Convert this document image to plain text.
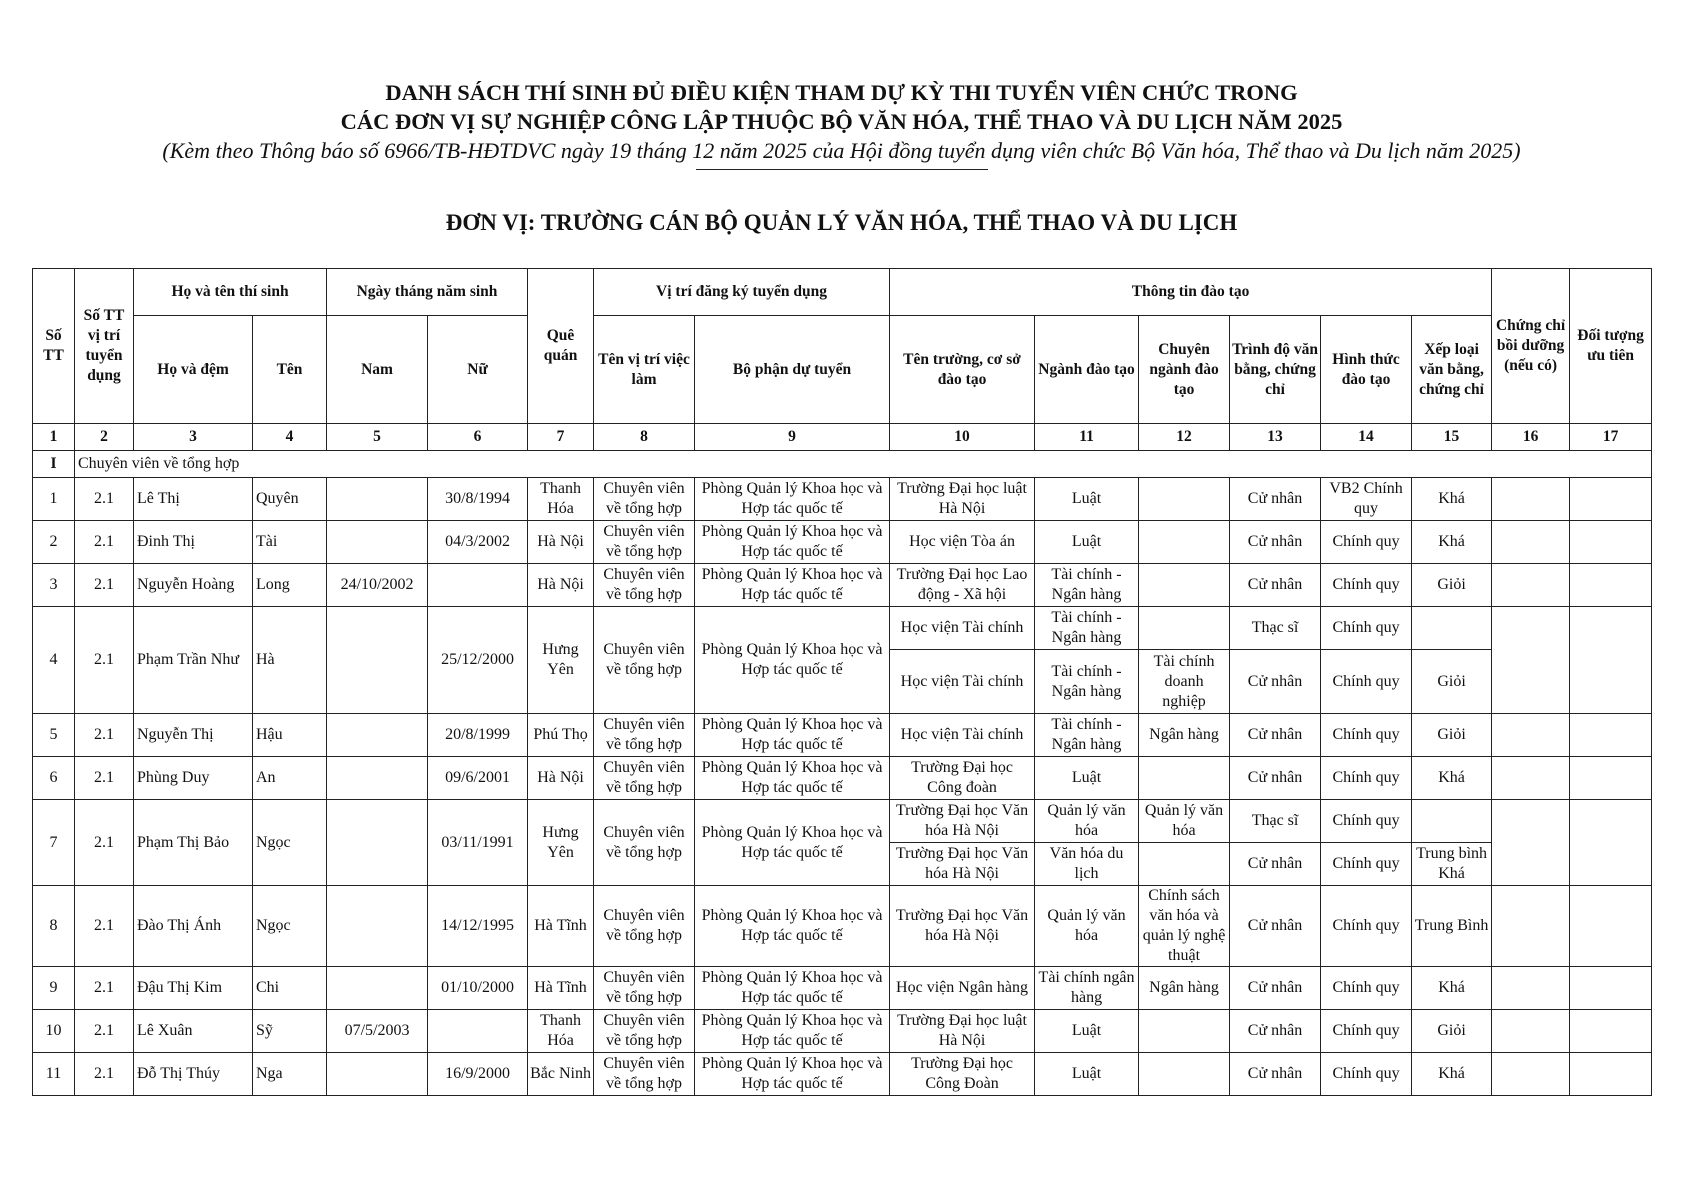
DANH SÁCH THÍ SINH ĐỦ ĐIỀU KIỆN THAM DỰ KỲ THI TUYỂN VIÊN CHỨC TRONG
CÁC ĐƠN VỊ SỰ NGHIỆP CÔNG LẬP THUỘC BỘ VĂN HÓA, THỂ THAO VÀ DU LỊCH NĂM 2025
(Kèm theo Thông báo số 6966/TB-HĐTDVC ngày 19 tháng 12 năm 2025 của Hội đồng tuyển dụng viên chức Bộ Văn hóa, Thể thao và Du lịch năm 2025)
ĐƠN VỊ: TRƯỜNG CÁN BỘ QUẢN LÝ VĂN HÓA, THỂ THAO VÀ DU LỊCH
Số TT	Số TT vị trí tuyển dụng	Họ và tên thí sinh		Ngày tháng năm sinh		Quê quán	Vị trí đăng ký tuyển dụng		Thông tin đào tạo						Chứng chỉ bồi dưỡng (nếu có)	Đối tượng ưu tiên
		Họ và đệm	Tên	Nam	Nữ		Tên vị trí việc làm	Bộ phận dự tuyển	Tên trường, cơ sở đào tạo	Ngành đào tạo	Chuyên ngành đào tạo	Trình độ văn bằng, chứng chỉ	Hình thức đào tạo	Xếp loại văn bằng, chứng chỉ		
1	2	3	4	5	6	7	8	9	10	11	12	13	14	15	16	17
I	Chuyên viên về tổng hợp															
1	2.1	Lê Thị	Quyên		30/8/1994	Thanh Hóa	Chuyên viên về tổng hợp	Phòng Quản lý Khoa học và Hợp tác quốc tế	Trường Đại học luật Hà Nội	Luật		Cử nhân	VB2 Chính quy	Khá		
2	2.1	Đinh Thị	Tài		04/3/2002	Hà Nội	Chuyên viên về tổng hợp	Phòng Quản lý Khoa học và Hợp tác quốc tế	Học viện Tòa án	Luật		Cử nhân	Chính quy	Khá		
3	2.1	Nguyễn Hoàng	Long	24/10/2002		Hà Nội	Chuyên viên về tổng hợp	Phòng Quản lý Khoa học và Hợp tác quốc tế	Trường Đại học Lao động - Xã hội	Tài chính - Ngân hàng		Cử nhân	Chính quy	Giỏi		
4	2.1	Phạm Trần Như	Hà		25/12/2000	Hưng Yên	Chuyên viên về tổng hợp	Phòng Quản lý Khoa học và Hợp tác quốc tế	Học viện Tài chính	Tài chính - Ngân hàng		Thạc sĩ	Chính quy			
									Học viện Tài chính	Tài chính - Ngân hàng	Tài chính doanh nghiệp	Cử nhân	Chính quy	Giỏi		
5	2.1	Nguyễn Thị	Hậu		20/8/1999	Phú Thọ	Chuyên viên về tổng hợp	Phòng Quản lý Khoa học và Hợp tác quốc tế	Học viện Tài chính	Tài chính - Ngân hàng	Ngân hàng	Cử nhân	Chính quy	Giỏi		
6	2.1	Phùng Duy	An		09/6/2001	Hà Nội	Chuyên viên về tổng hợp	Phòng Quản lý Khoa học và Hợp tác quốc tế	Trường Đại học Công đoàn	Luật		Cử nhân	Chính quy	Khá		
7	2.1	Phạm Thị Bảo	Ngọc		03/11/1991	Hưng Yên	Chuyên viên về tổng hợp	Phòng Quản lý Khoa học và Hợp tác quốc tế	Trường Đại học Văn hóa Hà Nội	Quản lý văn hóa	Quản lý văn hóa	Thạc sĩ	Chính quy			
									Trường Đại học Văn hóa Hà Nội	Văn hóa du lịch		Cử nhân	Chính quy	Trung bình Khá		
8	2.1	Đào Thị Ánh	Ngọc		14/12/1995	Hà Tĩnh	Chuyên viên về tổng hợp	Phòng Quản lý Khoa học và Hợp tác quốc tế	Trường Đại học Văn hóa Hà Nội	Quản lý văn hóa	Chính sách văn hóa và quản lý nghệ thuật	Cử nhân	Chính quy	Trung Bình		
9	2.1	Đậu Thị Kim	Chi		01/10/2000	Hà Tĩnh	Chuyên viên về tổng hợp	Phòng Quản lý Khoa học và Hợp tác quốc tế	Học viện Ngân hàng	Tài chính ngân hàng	Ngân hàng	Cử nhân	Chính quy	Khá		
10	2.1	Lê Xuân	Sỹ	07/5/2003		Thanh Hóa	Chuyên viên về tổng hợp	Phòng Quản lý Khoa học và Hợp tác quốc tế	Trường Đại học luật Hà Nội	Luật		Cử nhân	Chính quy	Giỏi		
11	2.1	Đỗ Thị Thúy	Nga		16/9/2000	Bắc Ninh	Chuyên viên về tổng hợp	Phòng Quản lý Khoa học và Hợp tác quốc tế	Trường Đại học Công Đoàn	Luật		Cử nhân	Chính quy	Khá		
